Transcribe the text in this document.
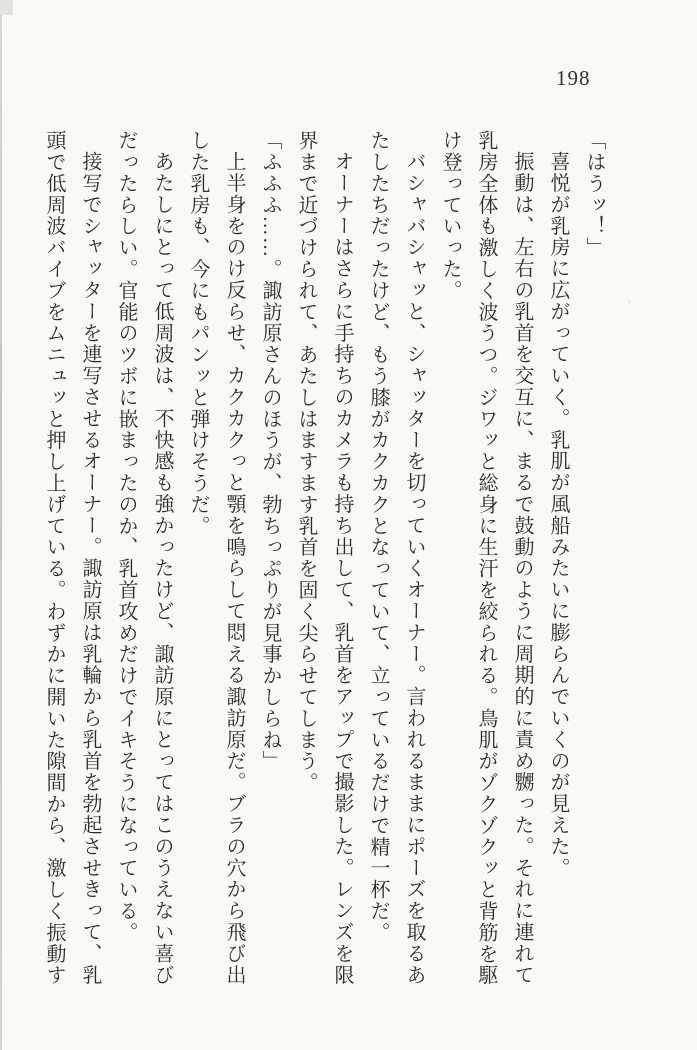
198

「はうッ！」

喜悦が乳房に広がっていく。乳肌が風船みたいに膨らんでいくのが見えた。

振動は、左右の乳首を交互に、まるで鼓動のように周期的に責め嬲った。それに連れて乳房全体も激しく波うつ。ジワッと総身に生汗を絞られる。鳥肌がゾクゾクッと背筋を駆け登っていった。

バシャバシャッと、シャッターを切っていくオーナー。言われるままにポーズを取るあたしたちだったけど、もう膝がカクカクとなっていて、立っているだけで精一杯だ。

オーナーはさらに手持ちのカメラも持ち出して、乳首をアップで撮影した。レンズを限界まで近づけられて、あたしはますます乳首を固く尖らせてしまう。

「ふふふ……。諏訪原さんのほうが、勃ちっぷりが見事かしらね」

上半身をのけ反らせ、カクカクっと顎を鳴らして悶える諏訪原だ。ブラの穴から飛び出した乳房も、今にもパンッと弾けそうだ。

あたしにとって低周波は、不快感も強かったけど、諏訪原にとってはこのうえない喜びだったらしい。官能のツボに嵌まったのか、乳首攻めだけでイキそうになっている。

接写でシャッターを連写させるオーナー。諏訪原は乳輪から乳首を勃起させきって、乳頭で低周波バイブをムニュッと押し上げている。わずかに開いた隙間から、激しく振動す
